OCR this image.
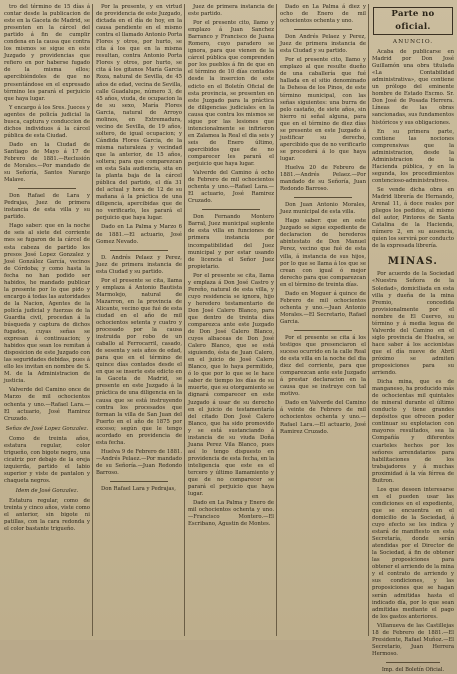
tro del término de 15 días á contar desde la publicacion de este en la Gaceta de Madrid, se presenten en la cárcel del partido á fin de cumplir condena en la causa que contra los mismos se sigue en este Juzgado y providencias que refiero en por haberse fugado de la misma ellos; apercibiéndoles de que no presentándose en el expresado término les parará el perjuicio que haya lugar.

Y encargo á los Sres. Jueces y agentes de policía judicial la busca, captura y conduccion de dichos individuos á la cárcel pública de esta Ciudad.

Dado en la Ciudad de Santiago de Mayo á 17 de Febrero de 1881.—Reclusión de Morales.—Por mandado de su Señoría, Santos Naranjo Malave.

Don Rafael de Lara y Pedrajas, Juez de primera instancia de esta villa y su partido.

Hago saber: que en la noche de seis al siete del corriente mes se fugaron de la cárcel de esta cabeza de partido los presos José Lopez Gonzalez y José González García, vecinos de Córdoba; y como hasta la fecha no han podido ser habidos, he mandado publicar la presente por lo que pido y encargo á todas las autoridades de la Nacion, Agentes de la policía judicial y fuerzas de la Guardia civil, procedan á la búsqueda y captura de dichos fugados, cuyas señas se expresan á continuacion; y habidos que sean los remitan á disposicion de este Juzgado con las seguridades debidas, pues á ello les invitan en nombre de S. M. de la Administracion de justicia.

Valverde del Camino once de Marzo de mil ochocientos ochenta y uno.—Rafael Lara.—El actuario, José Ramirez Cruzado.

Señas de José Lopez Gonzalez.

Como de treinta años, estatura regular, color trigueño, con bigote negro, una cicatriz por debajo de la oreja izquierda, partido el labio superior y viste de pantalon y chaqueta negros.

Idem de José Gonzalez.

Estatura regular, como de treinta y cinco años, viste como el anterior, sin bigote ni patillas, con la cara redonda y el color bastante trigueño.

Por la presente, y en virtud de providencia de este Juzgado, dictada en el día de hoy, en la causa pendiente en el mismo contra el llamado Antonio Porta Flores y otros, por hurto, se cita á los que en la misma resultan, contra Antonio Porta Flores y otros, por hurto, se cita á los gitanos María Garcia Roza, natural de Sevilla, de 45 años de edad, vecina de Sevilla, calle Guadalupe, número 3, de 45 años, viuda, de ocupacion la de su sexo, María Flores Garcia, natural de Arroyo molinos, en Extremadura, vecino de Sevilla, de 19 años, soltero, de igual ocupacion; y Cándida Flores Garcia, de la misma naturaleza y vecindad que la anterior, de 15 años, soltera; para que comparezcan en esta Sala audiencia, sita en la planta baja de la cárcel pública del partido, el día 31 del actual y hora de 12 de su mañana á la práctica de una diligencia, apercibidas que de no verificarlo, les parará el perjuicio que haya lugar.

Dado en La Palma y Marzo 6 de 1881.—El actuario, José Gomez Nevado.

D. Andrés Pelaez y Perez, Juez de primera instancia de esta Ciudad y su partido.

Por el presente se cita, llama y emplaza á Antonio Bautista Marmolejo, natural de Mazarron, en la provincia de Alicante, vecino que fué de esta ciudad en el año de mil ochocientos setenta y cuatro y procesado por la causa instruida por robo de un caballo al Ferrocarril, casado, de sesenta y seis años de edad, para que en el término de quince días contados desde el en que se inserte este edicto en la Gaceta de Madrid, se presente en este Juzgado á la práctica de una diligencia en la causa que se está instruyendo contra los procesados que forman la villa de San Juan del Puerto en el año de 1875 por exceso; según que le tengo acordado en providencia de esta fecha.

Huelva 9 de Febrero de 1881.—Andrés Pelaez.—Por mandado de su Señoría.—Juan Redondo Barroso.

Don Rafael Lara y Pedrajas,

Juez de primera instancia de este partido.

Por el presente cito, llamo y emplazo á Juan Sanchez Barranco y Francisco de Juana Romero, cuyo paradero se ignora, para que vienen de la cárcel pública que comprenden por los pueblos á fin de que en el término de 10 días contados desde la insercion de este edicto en el Boletín Oficial de esta provincia, se presenten en este Juzgado para la práctica de diligencias judiciales en la causa que contra los mismos se sigue por las lesiones que intencionalmente se infirieron en Zalamea la Real el dia seis y seis de Enero último, apercibidos que de no comparecer les parará el perjuicio que haya lugar.

Valverde del Camino á ocho de Febrero de mil ochocientos ochenta y uno.—Rafael Lara.—El actuario, José Ramirez Cruzado.

Don Fernando Montero Barral, Juez municipal suplente de esta villa en funciones de primera instancia por incompatibilidad del Juez municipal y por estar usando de licencia el Señor Juez propietario.

Por el presente se cita, llama y emplaza á Don José Castro y Pereño, natural de esta villa, y cuyo residencia se ignora, hijo y heredero testamentario de Don José Calero Blanco, para que dentro de treinta días comparezca ante este Juzgado de Don José Calero Blanco, cuyos albaceas de Don José Calero Blanco, que se está siguiendo, ésta de Juan Calero, en el juicio de José Calero Blanco, que lo haya permitido, ó lo que por lo que se le hace saber de tiempo los días de su muerte, que su otorgamiento se dignará comparecer en este Juzgado á usar de su derecho en el juicio de testamentaría del citado Don José Calero Blanco, que ha sido promovido y se está sustanciando á instancia de su viuda Doña Juana Perez Vila Blanco, pues así lo tengo dispuesto en providencia de esta fecha, en la inteligencia que este es el tercero y último llamamiento y que de no comparecer se parará el perjuicio que haya lugar.

Dado en La Palma y Enero de mil ochocientos ochenta y uno.—Francisco Montero.—El Escribano, Agustin de Montes.

Dado en La Palma á diez y ocho de Enero de mil ochocientos ochenta y uno.

Don Andrés Pelaez y Perez, Juez de primera instancia de esta Ciudad y su partido.

Por el presente cito, llamo y emplazo al que resulte dueño de una caballería que fué hallada en el sitio denominado la Dehesa de los Pinos, de este término municipal, con las señas siguientes: una burra de pelo castaño, de siete años, sin hierro ni señal alguna, para que en el término de diez días se presente en este Juzgado á justificar su derecho, apercibido que de no verificarlo se procederá á lo que haya lugar.

Huelva 20 de Febrero de 1881.—Andrés Pelaez.—Por mandado de su Señoría, Juan Redondo Barroso.

Don Juan Antonio Morales, Juez municipal de esta villa.

Hago saber: que en este Juzgado se sigue expediente de declaracion de herederos abintestato de Don Manuel Perez, vecino que fué de esta villa, á instancia de sus hijos, por lo que se llama á los que se crean con igual ó mejor derecho para que comparezcan en el término de treinta días.

Dado en Moguer á quince de Febrero de mil ochocientos ochenta y uno.—Juan Antonio Morales.—El Secretario, Rafael Garcia.

Por el presente se cita á los testigos que presenciaron el suceso ocurrido en la calle Real de esta villa en la noche del dia diez del corriente, para que comparezcan ante este Juzgado á prestar declaracion en la causa que se instruye con tal motivo.

Dado en Valverde del Camino á veinte de Febrero de mil ochocientos ochenta y uno.—Rafael Lara.—El actuario, José Ramirez Cruzado.

Parte no oficial.
ANUNCIO.

Acaba de publicarse en Madrid por Don José Guillamón una obra titulada «La Contabilidad administrativa», que contiene un prólogo del eminente hombre de Estado Excmo. Sr. Don José de Posada Herrera. Líneas de las obras sancionadas, sus fundamentos históricos y sus obligaciones.

En su primera parte, contiene las nociones comprensivas que la administracion, desde la Administracion de la Hacienda pública, y en la segunda, los procedimientos contencioso-administrativos.

Se vende dicha obra en Madrid librería de Hernando, Arenal 11, á doce reales por pliegos los pedidos, al mismo del autor, Pintores de Santa Catalina de la Hacienda, número 2, en su ausencia, quien los servirá por conducto de la expresada librería.

MINAS.

Por acuerdo de la Sociedad «Nuestra Señora de la Soledad», domiciliada en esta villa y dueña de la mina Premio, concedida provisionalmente por el nombre de El Cuervo, su término y á media legua de Valverde del Camino en el siglo provincia de Huelva, se hace saber á los accionistas que el día nueve de Abril próximo se admiten proposiciones para su arriendo.

Dicha mina, que es de manganeso, ha producido más de ochocientas mil quintales de mineral durante el último conducto y tiene grandes depósitos que ofrecen poder continuar su explotacion con mayores resultados, sea la Compañía y diferentes cuarteles hechos por los señores arrendatarios para habilitaciones de los trabajadores y á muchas proximidad á la vía férrea de Buitron.

Los que deseen interesarse en el pueden usar las condiciones en el expediente, que se encuentra en el domicilio de la Sociedad, á cuyo efecto se les indica y estará de manifiesto en esta Secretaría, donde serán atendidas por el Director de la Sociedad, á fin de obtener las proposiciones para obtener el arriendo de la mina y el contrato de arriendo y sus condiciones, y las proposiciones que se hagan serán admitidas hasta el indicado día, por lo que sean admitidas mediante el pago de los gastos anteriores.

Villanueva de las Castillejas 18 de Febrero de 1881.—El Presidente, Rafael Muñoz.—El Secretario, Juan Herrera Hermoso.

Imp. del Boletín Oficial.
